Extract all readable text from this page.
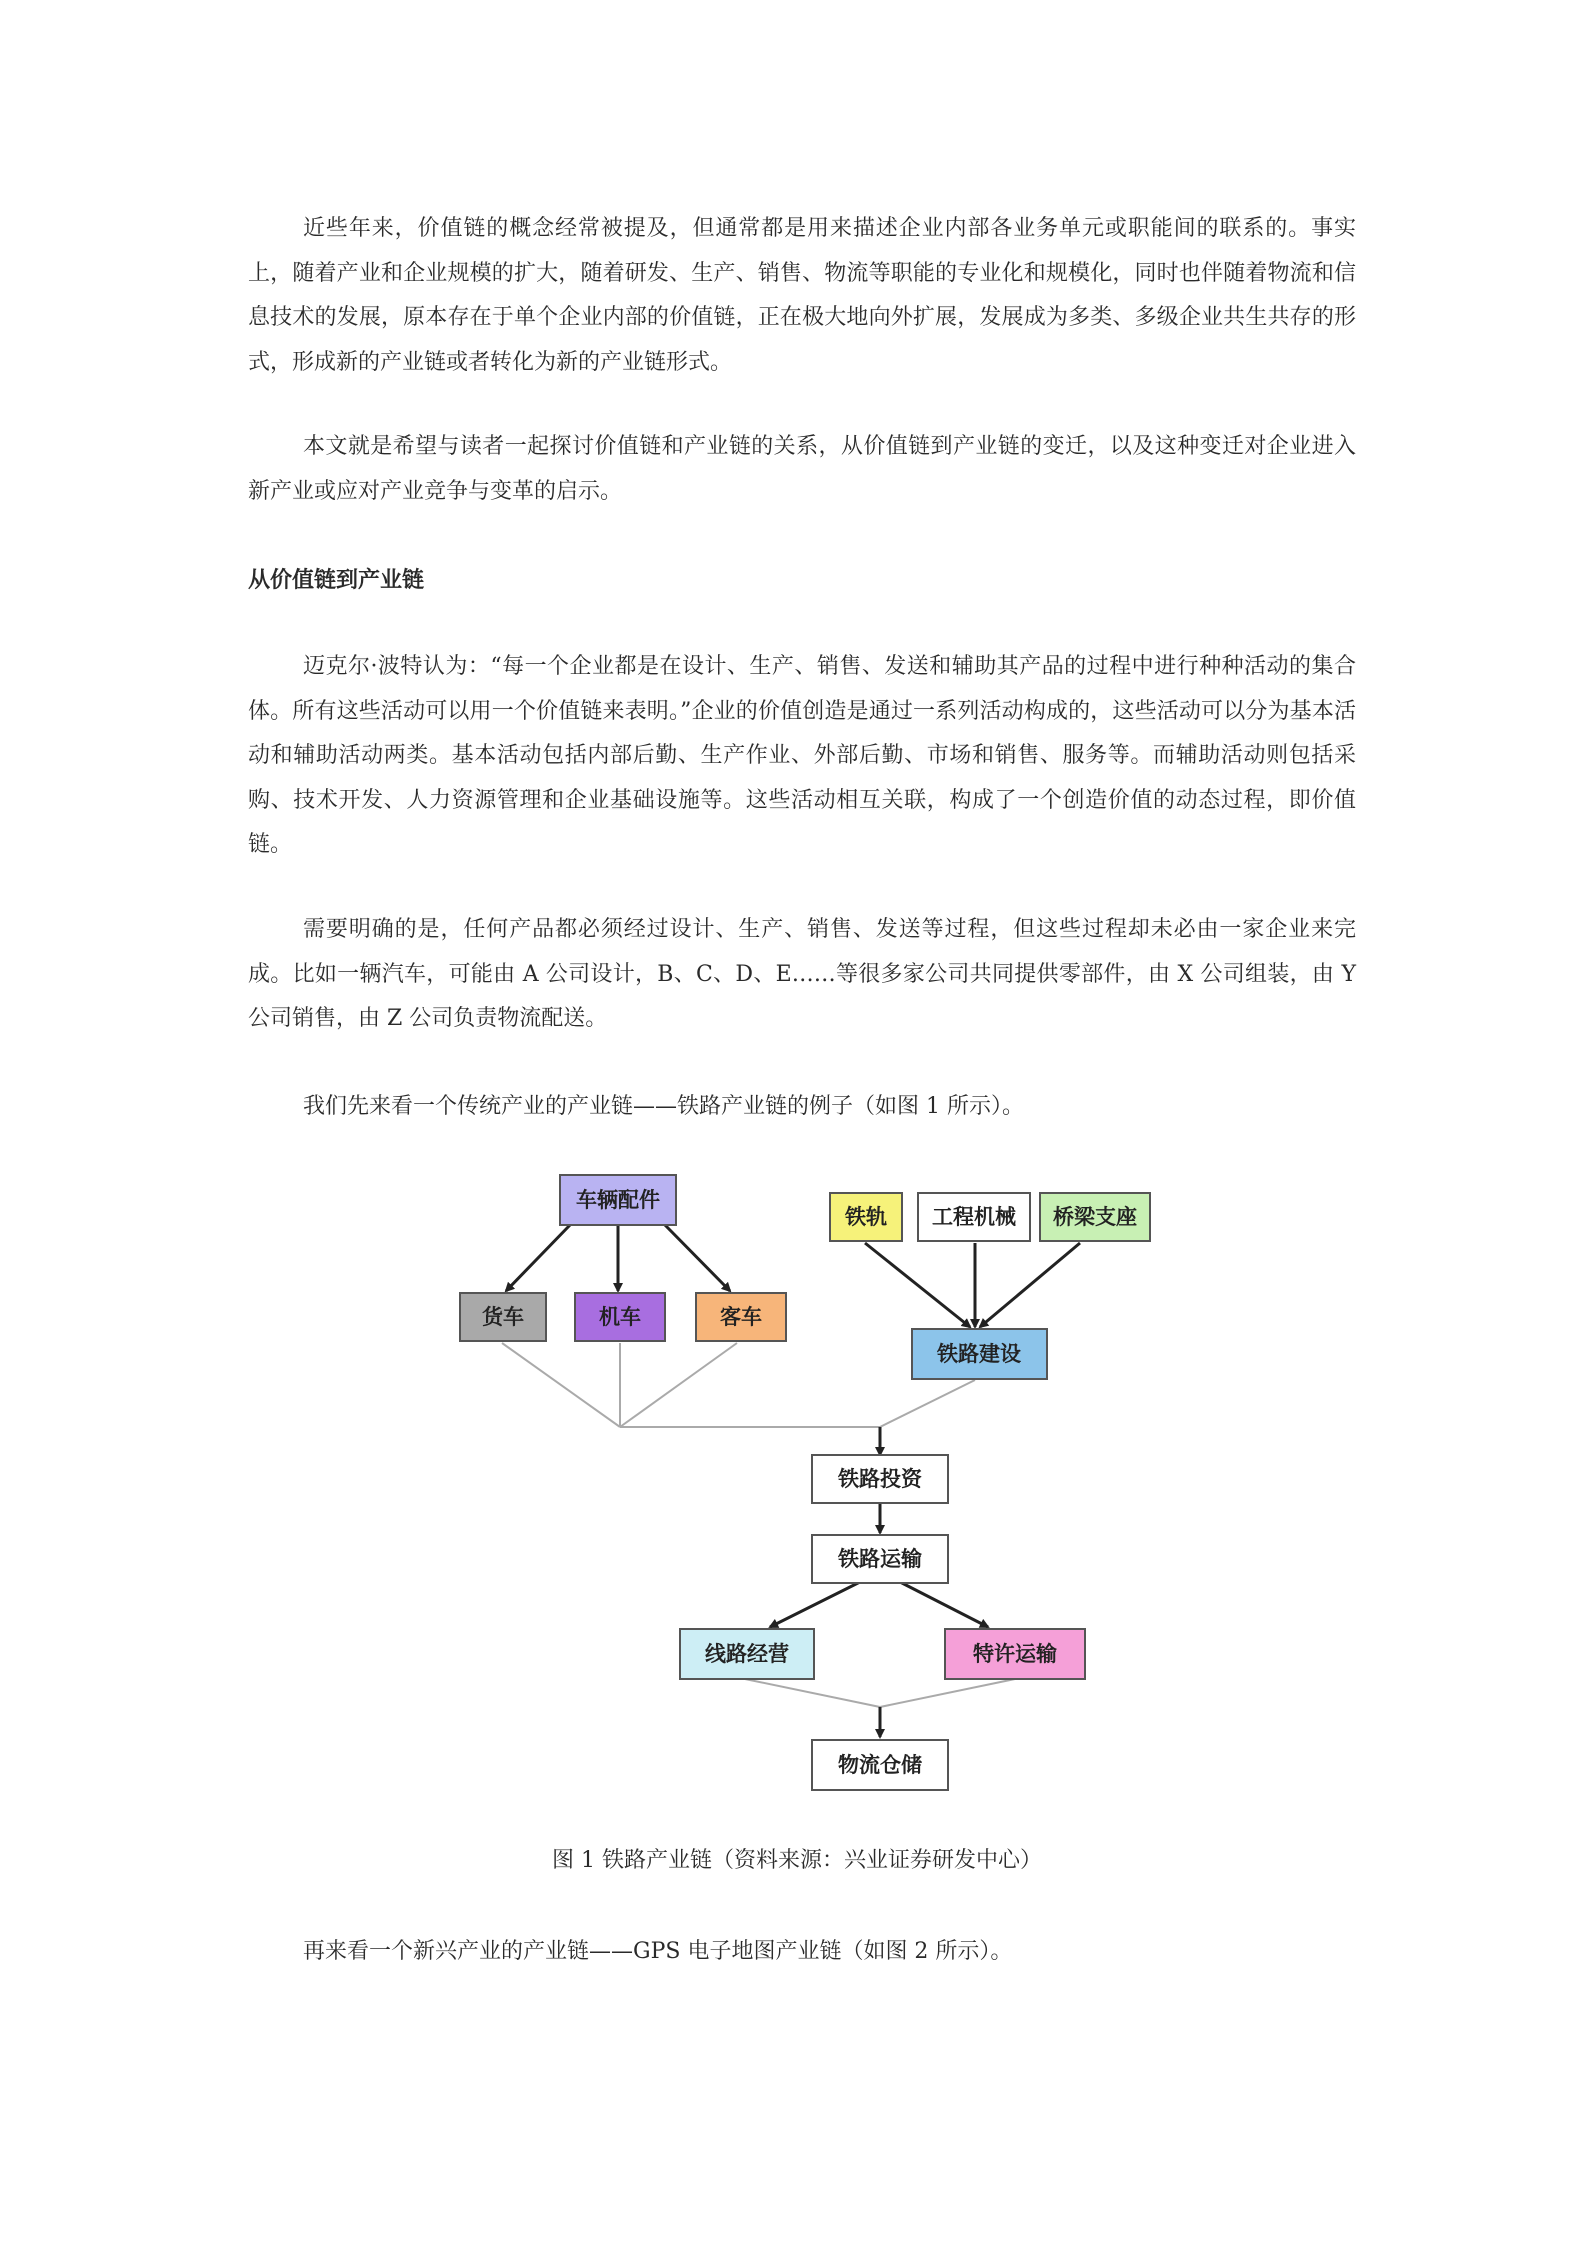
近些年来，价值链的概念经常被提及，但通常都是用来描述企业内部各业务单元或职能间的联系的。事实上，随着产业和企业规模的扩大，随着研发、生产、销售、物流等职能的专业化和规模化，同时也伴随着物流和信息技术的发展，原本存在于单个企业内部的价值链，正在极大地向外扩展，发展成为多类、多级企业共生共存的形式，形成新的产业链或者转化为新的产业链形式。

本文就是希望与读者一起探讨价值链和产业链的关系，从价值链到产业链的变迁，以及这种变迁对企业进入新产业或应对产业竞争与变革的启示。

从价值链到产业链

迈克尔·波特认为：“每一个企业都是在设计、生产、销售、发送和辅助其产品的过程中进行种种活动的集合体。所有这些活动可以用一个价值链来表明。”企业的价值创造是通过一系列活动构成的，这些活动可以分为基本活动和辅助活动两类。基本活动包括内部后勤、生产作业、外部后勤、市场和销售、服务等。而辅助活动则包括采购、技术开发、人力资源管理和企业基础设施等。这些活动相互关联，构成了一个创造价值的动态过程，即价值链。

需要明确的是，任何产品都必须经过设计、生产、销售、发送等过程，但这些过程却未必由一家企业来完成。比如一辆汽车，可能由 A 公司设计，B、C、D、E……等很多家公司共同提供零部件，由 X 公司组装，由 Y 公司销售，由 Z 公司负责物流配送。

我们先来看一个传统产业的产业链——铁路产业链的例子（如图 1 所示）。

车辆配件
货车	机车	客车
铁轨 工程机械 桥梁支座
铁路建设
铁路投资
铁路运输
线路经营	特许运输
物流仓储

图 1 铁路产业链（资料来源：兴业证券研发中心）

再来看一个新兴产业的产业链——GPS 电子地图产业链（如图 2 所示）。
